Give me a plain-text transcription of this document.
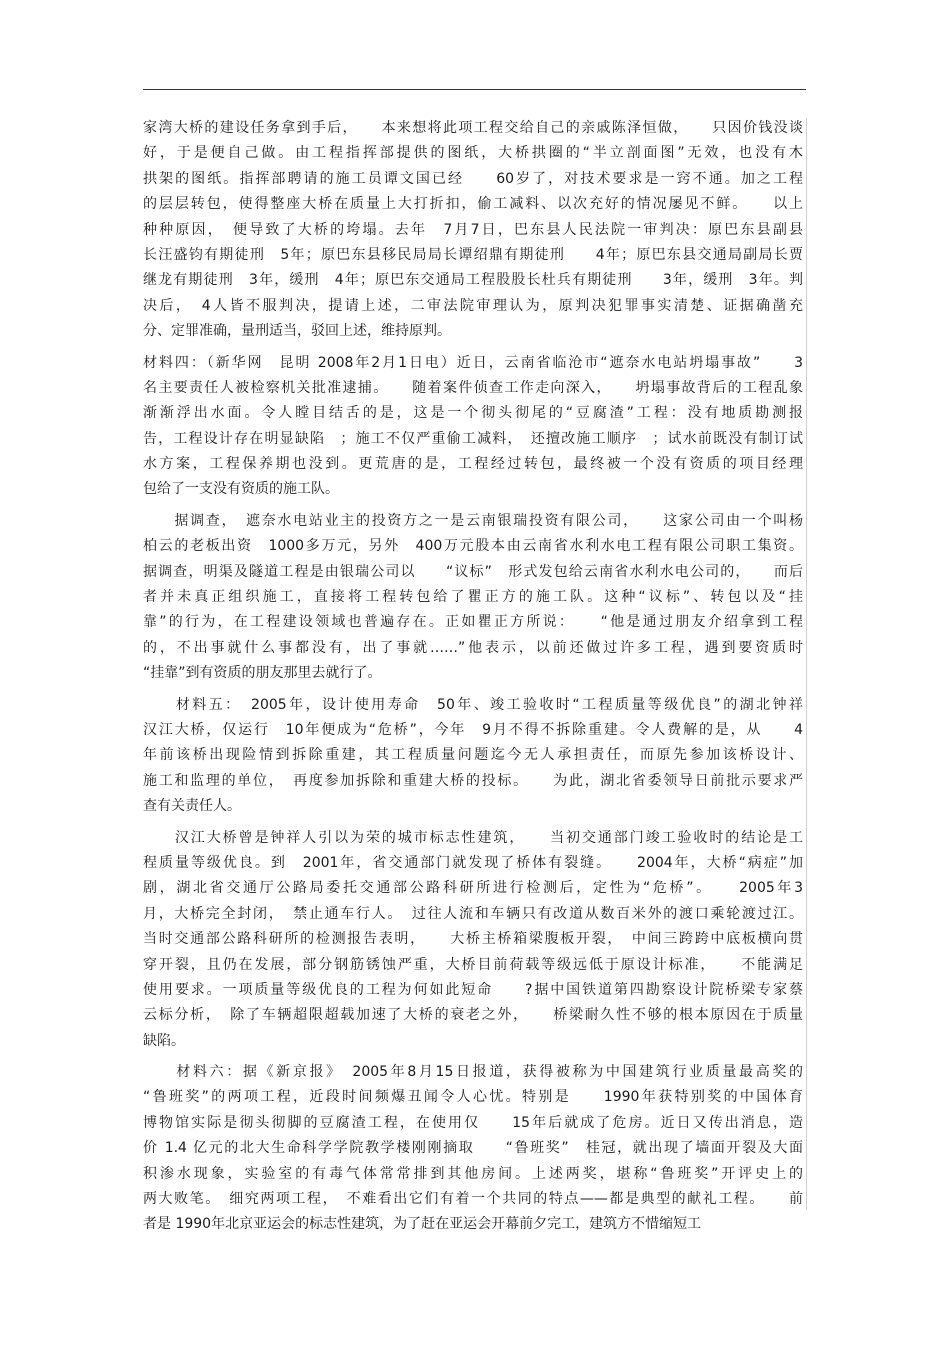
家湾大桥的建设任务拿到手后，　　本来想将此项工程交给自己的亲戚陈泽恒做，　　只因价钱没谈
好，于是便自己做。由工程指挥部提供的图纸，大桥拱圈的“半立剖面图”无效，也没有木
拱架的图纸。指挥部聘请的施工员谭文国已经　　60岁了，对技术要求是一窍不通。加之工程
的层层转包，使得整座大桥在质量上大打折扣，偷工减料、以次充好的情况屡见不鲜。　　以上
种种原因，　便导致了大桥的垮塌。去年　7月7日，巴东县人民法院一审判决：原巴东县副县
长汪盛钧有期徒刑　5年；原巴东县移民局局长谭绍鼎有期徒刑　　4年；原巴东县交通局副局长贾
继龙有期徒刑　3年，缓刑　4年；原巴东交通局工程股股长杜兵有期徒刑　　3年，缓刑　3年。判
决后，　4人皆不服判决，提请上述，二审法院审理认为，原判决犯罪事实清楚、证据确凿充
分、定罪准确，量刑适当，驳回上述，维持原判。
材料四：（新华网　昆明 2008年2月1日电）近日，云南省临沧市“遮奈水电站坍塌事故”　　3
名主要责任人被检察机关批准逮捕。　　随着案件侦查工作走向深入，　　坍塌事故背后的工程乱象
渐渐浮出水面。令人瞠目结舌的是，这是一个彻头彻尾的“豆腐渣”工程：没有地质勘测报
告，工程设计存在明显缺陷　；施工不仅严重偷工减料，　还擅改施工顺序　；试水前既没有制订试
水方案，工程保养期也没到。更荒唐的是，工程经过转包，最终被一个没有资质的项目经理
包给了一支没有资质的施工队。
　　据调查，　遮奈水电站业主的投资方之一是云南银瑞投资有限公司，　　这家公司由一个叫杨
柏云的老板出资　1000多万元，另外　400万元股本由云南省水利水电工程有限公司职工集资。
据调查，明渠及隧道工程是由银瑞公司以　　“议标”　形式发包给云南省水利水电公司的，　　而后
者并未真正组织施工，直接将工程转包给了瞿正方的施工队。这种“议标”、转包以及“挂
靠”的行为，在工程建设领域也普遍存在。正如瞿正方所说：　　“他是通过朋友介绍拿到工程
的，不出事就什么事都没有，出了事就……”他表示，以前还做过许多工程，遇到要资质时
“挂靠”到有资质的朋友那里去就行了。
　　材料五：　2005年，设计使用寿命　50年、竣工验收时“工程质量等级优良”的湖北钟祥
汉江大桥，仅运行　10年便成为“危桥”，今年　9月不得不拆除重建。令人费解的是，从　　4
年前该桥出现险情到拆除重建，其工程质量问题迄今无人承担责任，而原先参加该桥设计、
施工和监理的单位，　再度参加拆除和重建大桥的投标。　　为此，湖北省委领导日前批示要求严
查有关责任人。
　　汉江大桥曾是钟祥人引以为荣的城市标志性建筑，　　当初交通部门竣工验收时的结论是工
程质量等级优良。到　2001年，省交通部门就发现了桥体有裂缝。　　2004年，大桥“病症”加
剧，湖北省交通厅公路局委托交通部公路科研所进行检测后，定性为“危桥”。　　2005年3
月，大桥完全封闭，　禁止通车行人。　过往人流和车辆只有改道从数百米外的渡口乘轮渡过江。
当时交通部公路科研所的检测报告表明，　　大桥主桥箱梁腹板开裂，　中间三跨跨中底板横向贯
穿开裂，且仍在发展，部分钢筋锈蚀严重，大桥目前荷载等级远低于原设计标准，　　不能满足
使用要求。一项质量等级优良的工程为何如此短命　　?据中国铁道第四勘察设计院桥梁专家蔡
云标分析，　除了车辆超限超载加速了大桥的衰老之外，　　桥梁耐久性不够的根本原因在于质量
缺陷。
　　材料六：据《新京报》　2005年8月15日报道，获得被称为中国建筑行业质量最高奖的
“鲁班奖”的两项工程，近段时间频爆丑闻令人心忧。特别是　　1990年获特别奖的中国体育
博物馆实际是彻头彻脚的豆腐渣工程，在使用仅　　15年后就成了危房。近日又传出消息，造
价 1.4 亿元的北大生命科学学院教学楼刚刚摘取　　“鲁班奖”　桂冠，就出现了墙面开裂及大面
积渗水现象，实验室的有毒气体常常排到其他房间。上述两奖，堪称“鲁班奖”开评史上的
两大败笔。　细究两项工程，　不难看出它们有着一个共同的特点——都是典型的献礼工程。　　前
者是 1990年北京亚运会的标志性建筑，为了赶在亚运会开幕前夕完工，建筑方不惜缩短工
